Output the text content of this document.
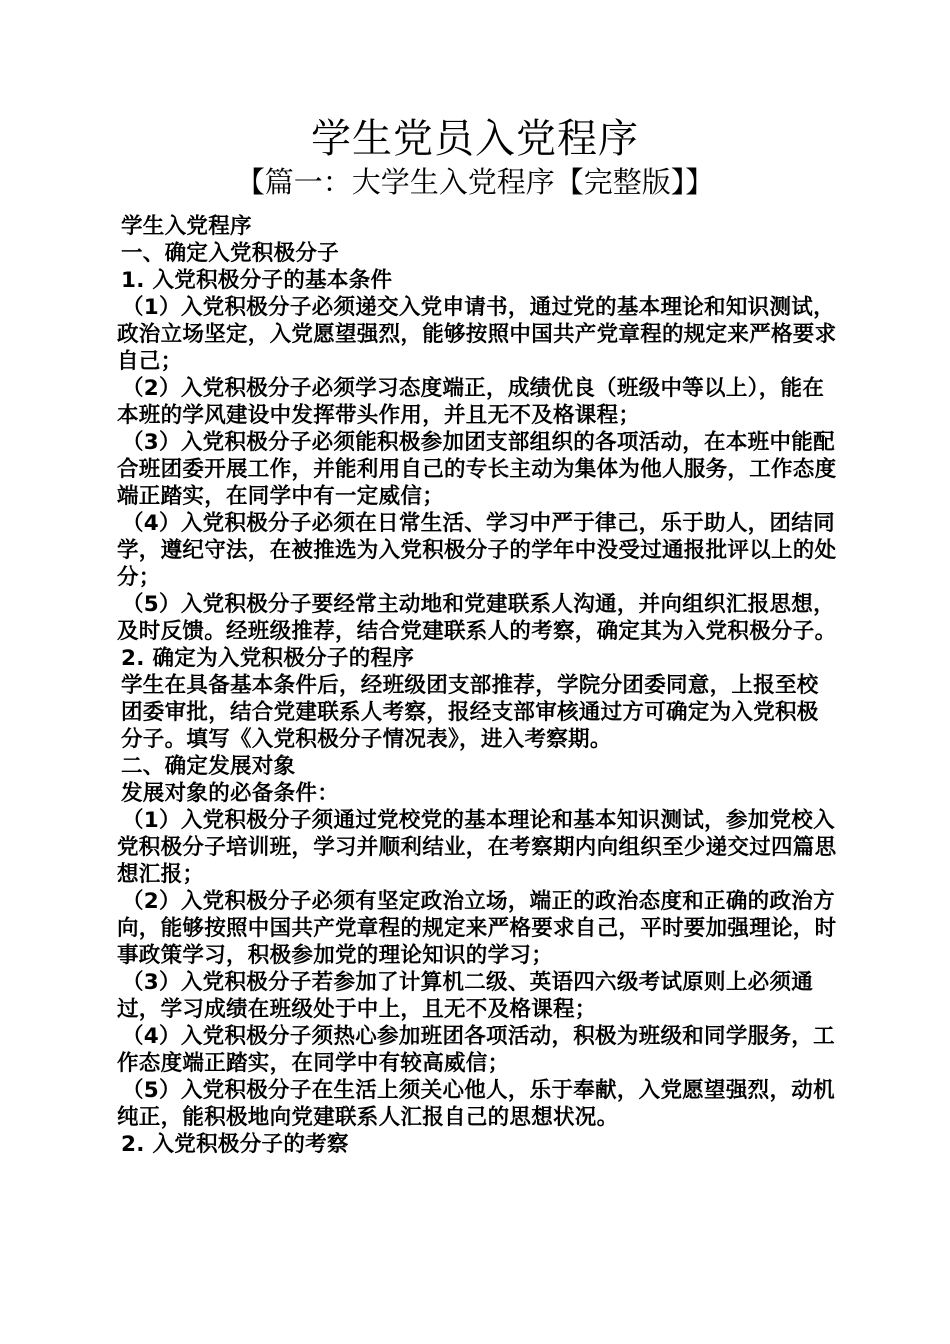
学生党员入党程序
【篇一：大学生入党程序【完整版】】

学生入党程序

一、确定入党积极分子

1. 入党积极分子的基本条件

（1）入党积极分子必须递交入党申请书，通过党的基本理论和知识测试，政治立场坚定，入党愿望强烈，能够按照中国共产党章程的规定来严格要求自己；

（2）入党积极分子必须学习态度端正，成绩优良（班级中等以上），能在本班的学风建设中发挥带头作用，并且无不及格课程；

（3）入党积极分子必须能积极参加团支部组织的各项活动，在本班中能配合班团委开展工作，并能利用自己的专长主动为集体为他人服务，工作态度端正踏实，在同学中有一定威信；

（4）入党积极分子必须在日常生活、学习中严于律己，乐于助人，团结同学，遵纪守法，在被推选为入党积极分子的学年中没受过通报批评以上的处分；

（5）入党积极分子要经常主动地和党建联系人沟通，并向组织汇报思想，及时反馈。经班级推荐，结合党建联系人的考察，确定其为入党积极分子。

2. 确定为入党积极分子的程序

学生在具备基本条件后，经班级团支部推荐，学院分团委同意，上报至校团委审批，结合党建联系人考察，报经支部审核通过方可确定为入党积极分子。填写《入党积极分子情况表》，进入考察期。

二、确定发展对象

发展对象的必备条件：

（1）入党积极分子须通过党校党的基本理论和基本知识测试，参加党校入党积极分子培训班，学习并顺利结业，在考察期内向组织至少递交过四篇思想汇报；

（2）入党积极分子必须有坚定政治立场，端正的政治态度和正确的政治方向，能够按照中国共产党章程的规定来严格要求自己，平时要加强理论，时事政策学习，积极参加党的理论知识的学习；

（3）入党积极分子若参加了计算机二级、英语四六级考试原则上必须通过，学习成绩在班级处于中上，且无不及格课程；

（4）入党积极分子须热心参加班团各项活动，积极为班级和同学服务，工作态度端正踏实，在同学中有较高威信；

（5）入党积极分子在生活上须关心他人，乐于奉献，入党愿望强烈，动机纯正，能积极地向党建联系人汇报自己的思想状况。

2. 入党积极分子的考察
